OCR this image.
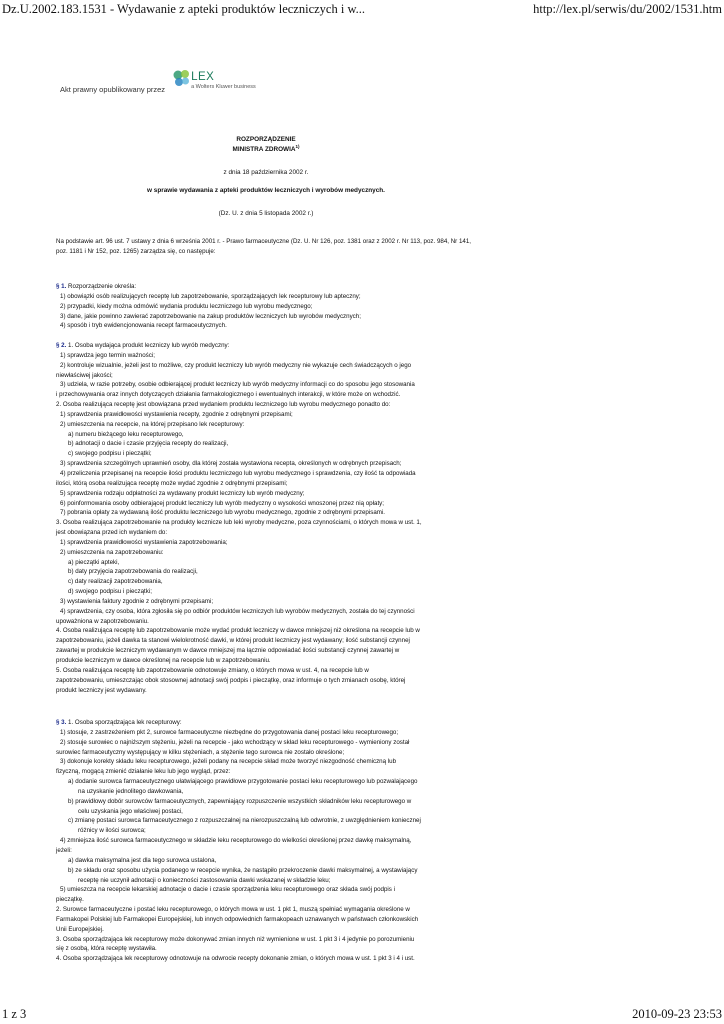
Dz.U.2002.183.1531 - Wydawanie z apteki produktów leczniczych i w...	http://lex.pl/serwis/du/2002/1531.htm
Akt prawny opublikowany przez
LEX
a Wolters Kluwer business
ROZPORZĄDZENIE
MINISTRA ZDROWIA$^{1)}$
z dnia 18 października 2002 r.
w sprawie wydawania z apteki produktów leczniczych i wyrobów medycznych.
(Dz. U. z dnia 5 listopada 2002 r.)
Na podstawie art. 96 ust. 7 ustawy z dnia 6 września 2001 r. - Prawo farmaceutyczne (Dz. U. Nr 126, poz. 1381 oraz z 2002 r. Nr 113, poz. 984, Nr 141, poz. 1181 i Nr 152, poz. 1265) zarządza się, co następuje:
§ 1. Rozporządzenie określa:
1) obowiązki osób realizujących receptę lub zapotrzebowanie, sporządzających lek recepturowy lub apteczny;
2) przypadki, kiedy można odmówić wydania produktu leczniczego lub wyrobu medycznego;
3) dane, jakie powinno zawierać zapotrzebowanie na zakup produktów leczniczych lub wyrobów medycznych;
4) sposób i tryb ewidencjonowania recept farmaceutycznych.
§ 2. 1. Osoba wydająca produkt leczniczy lub wyrób medyczny:
1) sprawdza jego termin ważności;
2) kontroluje wizualnie, jeżeli jest to możliwe, czy produkt leczniczy lub wyrób medyczny nie wykazuje cech świadczących o jego
niewłaściwej jakości;
3) udziela, w razie potrzeby, osobie odbierającej produkt leczniczy lub wyrób medyczny informacji co do sposobu jego stosowania
i przechowywania oraz innych dotyczących działania farmakologicznego i ewentualnych interakcji, w które może on wchodzić.
2. Osoba realizująca receptę jest obowiązana przed wydaniem produktu leczniczego lub wyrobu medycznego ponadto do:
1) sprawdzenia prawidłowości wystawienia recepty, zgodnie z odrębnymi przepisami;
2) umieszczenia na recepcie, na której przepisano lek recepturowy:
a) numeru bieżącego leku recepturowego,
b) adnotacji o dacie i czasie przyjęcia recepty do realizacji,
c) swojego podpisu i pieczątki;
3) sprawdzenia szczególnych uprawnień osoby, dla której została wystawiona recepta, określonych w odrębnych przepisach;
4) przeliczenia przepisanej na recepcie ilości produktu leczniczego lub wyrobu medycznego i sprawdzenia, czy ilość ta odpowiada
ilości, którą osoba realizująca receptę może wydać zgodnie z odrębnymi przepisami;
5) sprawdzenia rodzaju odpłatności za wydawany produkt leczniczy lub wyrób medyczny;
6) poinformowania osoby odbierającej produkt leczniczy lub wyrób medyczny o wysokości wnoszonej przez nią opłaty;
7) pobrania opłaty za wydawaną ilość produktu leczniczego lub wyrobu medycznego, zgodnie z odrębnymi przepisami.
3. Osoba realizująca zapotrzebowanie na produkty lecznicze lub leki wyroby medyczne, poza czynnościami, o których mowa w ust. 1,
jest obowiązana przed ich wydaniem do:
1) sprawdzenia prawidłowości wystawienia zapotrzebowania;
2) umieszczenia na zapotrzebowaniu:
a) pieczątki apteki,
b) daty przyjęcia zapotrzebowania do realizacji,
c) daty realizacji zapotrzebowania,
d) swojego podpisu i pieczątki;
3) wystawienia faktury zgodnie z odrębnymi przepisami;
4) sprawdzenia, czy osoba, która zgłosiła się po odbiór produktów leczniczych lub wyrobów medycznych, została do tej czynności
upoważniona w zapotrzebowaniu.
4. Osoba realizująca receptę lub zapotrzebowanie może wydać produkt leczniczy w dawce mniejszej niż określona na recepcie lub w
zapotrzebowaniu, jeżeli dawka ta stanowi wielokrotność dawki, w której produkt leczniczy jest wydawany; ilość substancji czynnej
zawartej w produkcie leczniczym wydawanym w dawce mniejszej ma łącznie odpowiadać ilości substancji czynnej zawartej w
produkcie leczniczym w dawce określonej na recepcie lub w zapotrzebowaniu.
5. Osoba realizująca receptę lub zapotrzebowanie odnotowuje zmiany, o których mowa w ust. 4, na recepcie lub w
zapotrzebowaniu, umieszczając obok stosownej adnotacji swój podpis i pieczątkę, oraz informuje o tych zmianach osobę, której
produkt leczniczy jest wydawany.
§ 3. 1. Osoba sporządzająca lek recepturowy:
1) stosuje, z zastrzeżeniem pkt 2, surowce farmaceutyczne niezbędne do przygotowania danej postaci leku recepturowego;
2) stosuje surowiec o najniższym stężeniu, jeżeli na recepcie - jako wchodzący w skład leku recepturowego - wymieniony został
surowiec farmaceutyczny występujący w kilku stężeniach, a stężenie tego surowca nie zostało określone;
3) dokonuje korekty składu leku recepturowego, jeżeli podany na recepcie skład może tworzyć niezgodność chemiczną lub
fizyczną, mogącą zmienić działanie leku lub jego wygląd, przez:
a) dodanie surowca farmaceutycznego ułatwiającego prawidłowe przygotowanie postaci leku recepturowego lub pozwalającego
na uzyskanie jednolitego dawkowania,
b) prawidłowy dobór surowców farmaceutycznych, zapewniający rozpuszczenie wszystkich składników leku recepturowego w
celu uzyskania jego właściwej postaci,
c) zmianę postaci surowca farmaceutycznego z rozpuszczalnej na nierozpuszczalną lub odwrotnie, z uwzględnieniem koniecznej
różnicy w ilości surowca;
4) zmniejsza ilość surowca farmaceutycznego w składzie leku recepturowego do wielkości określonej przez dawkę maksymalną,
jeżeli:
a) dawka maksymalna jest dla tego surowca ustalona,
b) ze składu oraz sposobu użycia podanego w recepcie wynika, że nastąpiło przekroczenie dawki maksymalnej, a wystawiający
receptę nie uczynił adnotacji o konieczności zastosowania dawki wskazanej w składzie leku;
5) umieszcza na recepcie lekarskiej adnotacje o dacie i czasie sporządzenia leku recepturowego oraz składa swój podpis i
pieczątkę.
2. Surowce farmaceutyczne i postać leku recepturowego, o których mowa w ust. 1 pkt 1, muszą spełniać wymagania określone w
Farmakopei Polskiej lub Farmakopei Europejskiej, lub innych odpowiednich farmakopeach uznawanych w państwach członkowskich
Unii Europejskiej.
3. Osoba sporządzająca lek recepturowy może dokonywać zmian innych niż wymienione w ust. 1 pkt 3 i 4 jedynie po porozumieniu
się z osobą, która receptę wystawiła.
4. Osoba sporządzająca lek recepturowy odnotowuje na odwrocie recepty dokonanie zmian, o których mowa w ust. 1 pkt 3 i 4 i ust.
1 z 3	2010-09-23 23:53
